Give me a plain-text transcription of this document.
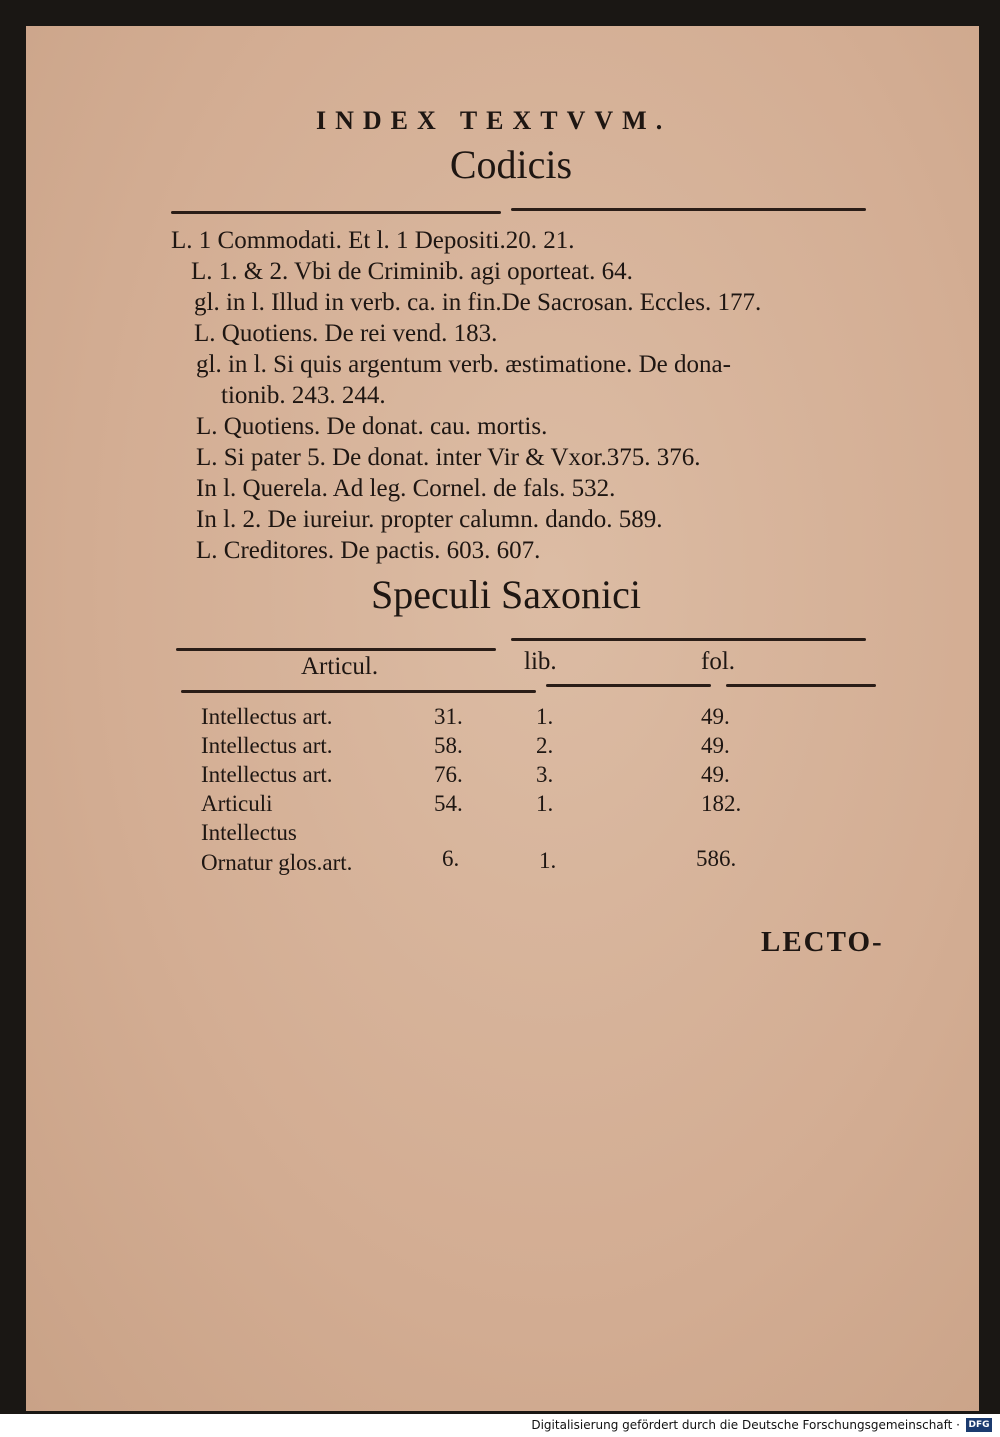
INDEX TEXTVVM.
Codicis
L. 1 Commodati. Et l. 1 Depositi.20. 21.
L. 1. & 2. Vbi de Criminib. agi oporteat. 64.
gl. in l. Illud in verb. ca. in fin.De Sacrosan. Eccles. 177.
L. Quotiens. De rei vend. 183.
gl. in l. Si quis argentum verb. æstimatione. De dona-
tionib. 243. 244.
L. Quotiens. De donat. cau. mortis.
L. Si pater 5. De donat. inter Vir & Vxor.375. 376.
In l. Querela. Ad leg. Cornel. de fals. 532.
In l. 2. De iureiur. propter calumn. dando. 589.
L. Creditores. De pactis. 603. 607.
Speculi Saxonici
Articul.	lib.	fol.
Intellectus art.	31.	1.	49.
Intellectus art.	58.	2.	49.
Intellectus art.	76.	3.	49.
Articuli	54.	1.	182.
Intellectus
Ornatur glos.art.	6.	1.	586.
LECTO-
Digitalisierung gefördert durch die Deutsche Forschungsgemeinschaft · DFG
